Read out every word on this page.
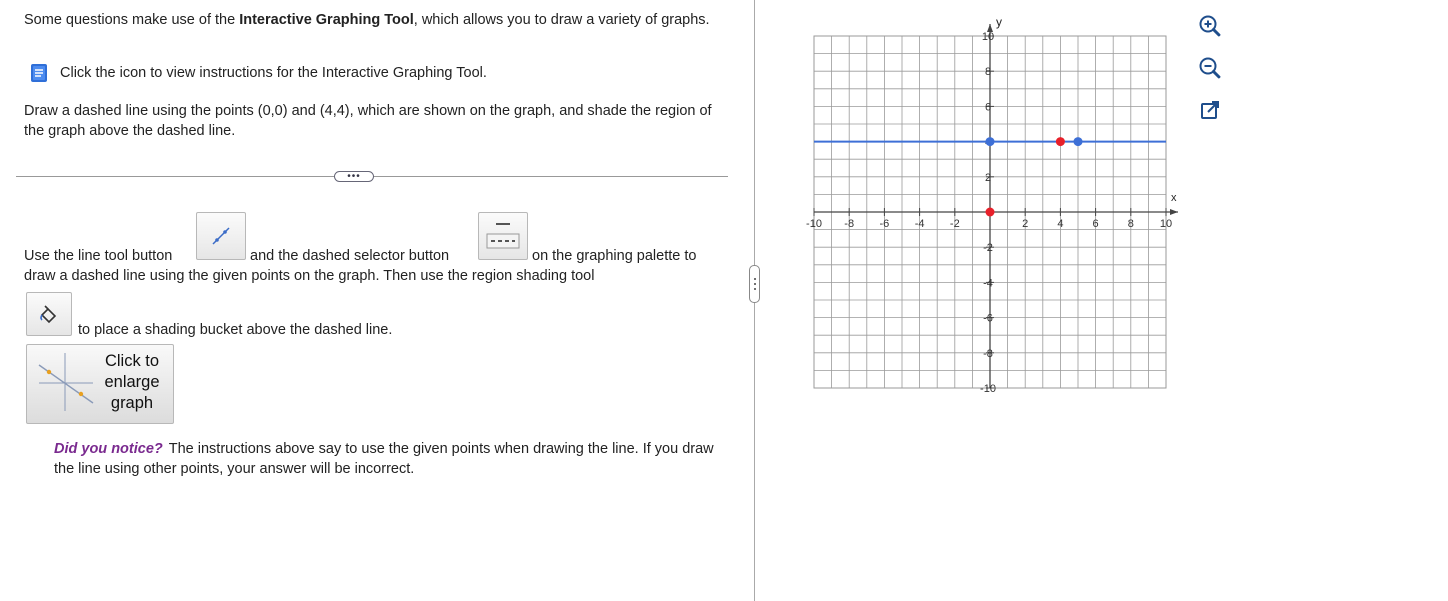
Some questions make use of the Interactive Graphing Tool, which allows you to draw a variety of graphs.

Click the icon to view instructions for the Interactive Graphing Tool.

Draw a dashed line using the points (0,0) and (4,4), which are shown on the graph, and shade the region of the graph above the dashed line.

•••

Use the line tool button	and the dashed selector button	on the graphing palette to

draw a dashed line using the given points on the graph. Then use the region shading tool

to place a shading bucket above the dashed line.

Click to enlarge graph

Did you notice? The instructions above say to use the given points when drawing the line. If you draw the line using other points, your answer will be incorrect.

x
y
-10 -8 -6 -4 -2	2	4	6	8 10
10
8
6
2
-2
-4
-6
-8
-10
